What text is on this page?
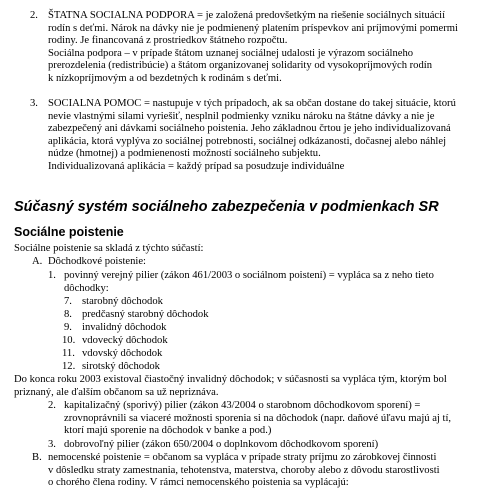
2. ŠTATNA SOCIALNA PODPORA = je založená predovšetkým na riešenie sociálnych situácií
rodín s deťmi. Nárok na dávky nie je podmienený platením príspevkov ani príjmovými pomermi
rodiny. Je financovaná z prostriedkov štátneho rozpočtu.
Sociálna podpora – v prípade štátom uznanej sociálnej udalosti je výrazom sociálneho
prerozdelenia (redistribúcie) a štátom organizovanej solidarity od vysokopríjmových rodín
k nízkopríjmovým a od bezdetných k rodinám s deťmi.
3. SOCIALNA POMOC = nastupuje v tých prípadoch, ak sa občan dostane do takej situácie, ktorú
nevie vlastnými silami vyriešiť, nesplnil podmienky vzniku nároku na štátne dávky a nie je
zabezpečený ani dávkami sociálneho poistenia. Jeho základnou črtou je jeho individualizovaná
aplikácia, ktorá vyplýva zo sociálnej potrebnosti, sociálnej odkázanosti, dočasnej alebo náhlej
núdze (hmotnej) a podmienenosti možností sociálneho subjektu.
Individualizovaná aplikácia = každý prípad sa posudzuje individuálne
Súčasný systém sociálneho zabezpečenia v podmienkach SR
Sociálne poistenie
Sociálne poistenie sa skladá z týchto súčastí:
A. Dôchodkové poistenie:
1. povinný verejný pilier (zákon 461/2003 o sociálnom poistení) = vypláca sa z neho tieto
dôchodky:
7. starobný dôchodok
8. predčasný starobný dôchodok
9. invalidný dôchodok
10. vdovecký dôchodok
11. vdovský dôchodok
12. sirotský dôchodok
Do konca roku 2003 existoval čiastočný invalidný dôchodok; v súčasnosti sa vypláca tým, ktorým bol
priznaný, ale ďalším občanom sa už nepriznáva.
2. kapitalizačný (sporivý) pilier (zákon 43/2004 o starobnom dôchodkovom sporení) =
zrovnoprávnili sa viaceré možnosti sporenia si na dôchodok (napr. daňové úľavu majú aj tí,
ktorí majú sporenie na dôchodok v banke a pod.)
3. dobrovoľný pilier (zákon 650/2004 o doplnkovom dôchodkovom sporení)
B. nemocenské poistenie = občanom sa vypláca v prípade straty príjmu zo zárobkovej činnosti
v dôsledku straty zamestnania, tehotenstva, materstva, choroby alebo z dôvodu starostlivosti
o chorého člena rodiny. V rámci nemocenského poistenia sa vyplácajú:
